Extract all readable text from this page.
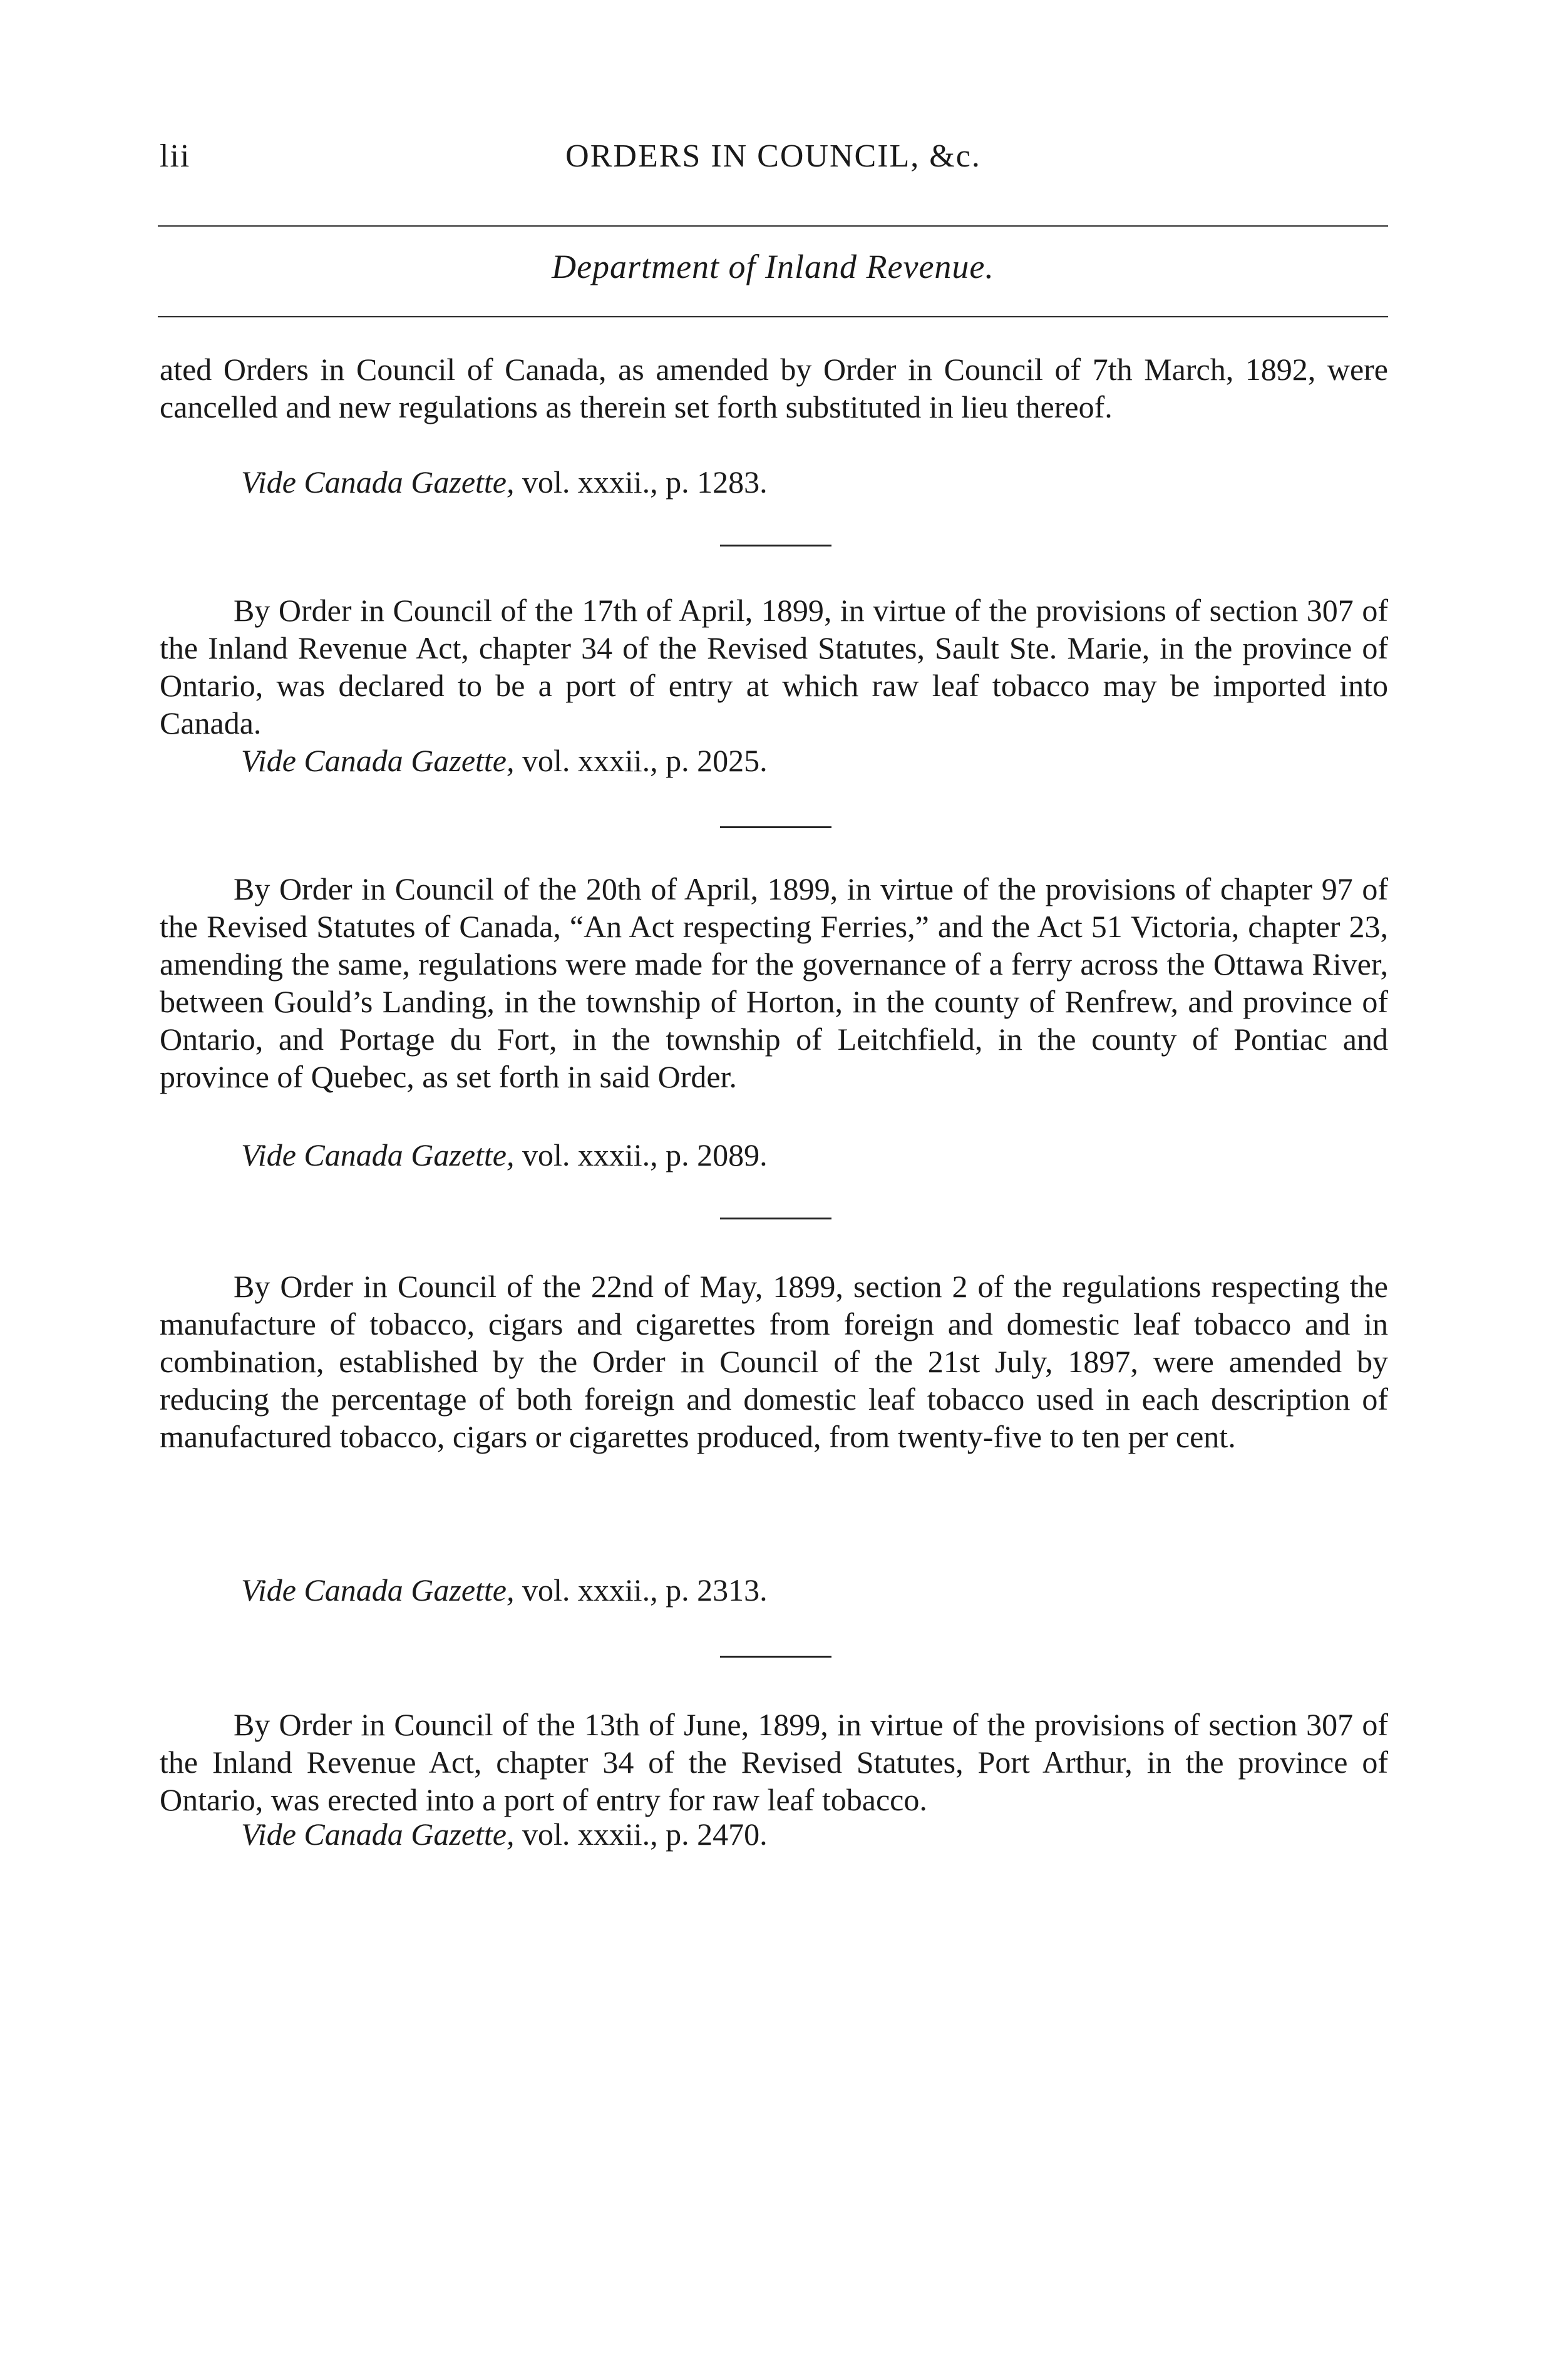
lii	ORDERS IN COUNCIL, &c.
Department of Inland Revenue.
ated Orders in Council of Canada, as amended by Order in Council of 7th March, 1892, were cancelled and new regulations as therein set forth substituted in lieu thereof.
Vide Canada Gazette, vol. xxxii., p. 1283.
By Order in Council of the 17th of April, 1899, in virtue of the provisions of section 307 of the Inland Revenue Act, chapter 34 of the Revised Statutes, Sault Ste. Marie, in the province of Ontario, was declared to be a port of entry at which raw leaf tobacco may be imported into Canada.
Vide Canada Gazette, vol. xxxii., p. 2025.
By Order in Council of the 20th of April, 1899, in virtue of the provisions of chapter 97 of the Revised Statutes of Canada, “An Act respecting Ferries,” and the Act 51 Victoria, chapter 23, amending the same, regulations were made for the governance of a ferry across the Ottawa River, between Gould’s Landing, in the township of Horton, in the county of Renfrew, and province of Ontario, and Portage du Fort, in the township of Leitchfield, in the county of Pontiac and province of Quebec, as set forth in said Order.
Vide Canada Gazette, vol. xxxii., p. 2089.
By Order in Council of the 22nd of May, 1899, section 2 of the regulations respecting the manufacture of tobacco, cigars and cigarettes from foreign and domestic leaf tobacco and in combination, established by the Order in Council of the 21st July, 1897, were amended by reducing the percentage of both foreign and domestic leaf tobacco used in each description of manufactured tobacco, cigars or cigarettes produced, from twenty-five to ten per cent.
Vide Canada Gazette, vol. xxxii., p. 2313.
By Order in Council of the 13th of June, 1899, in virtue of the provisions of section 307 of the Inland Revenue Act, chapter 34 of the Revised Statutes, Port Arthur, in the province of Ontario, was erected into a port of entry for raw leaf tobacco.
Vide Canada Gazette, vol. xxxii., p. 2470.
